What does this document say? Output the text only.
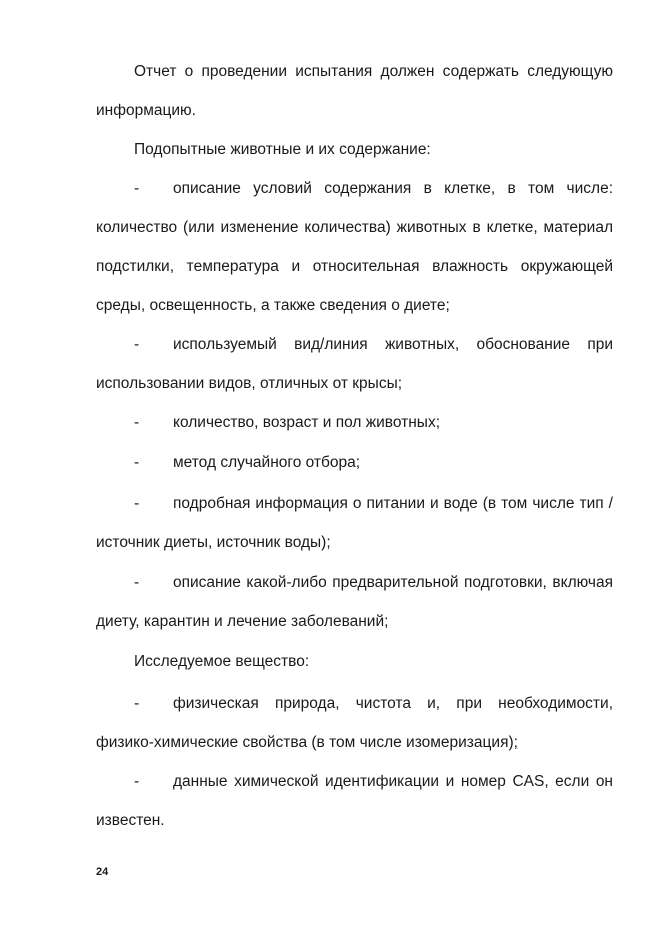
Отчет о проведении испытания должен содержать следующую информацию.

Подопытные животные и их содержание:

-	описание условий содержания в клетке, в том числе: количество (или изменение количества) животных в клетке, материал подстилки, температура и относительная влажность окружающей среды, освещенность, а также сведения о диете;
-	используемый вид/линия животных, обоснование при использовании видов, отличных от крысы;
-	количество, возраст и пол животных;
-	метод случайного отбора;
-	подробная информация о питании и воде (в том числе тип / источник диеты, источник воды);
-	описание какой-либо предварительной подготовки, включая диету, карантин и лечение заболеваний;

Исследуемое вещество:

-	физическая природа, чистота и, при необходимости, физико-химические свойства (в том числе изомеризация);
-	данные химической идентификации и номер CAS, если он известен.
24
